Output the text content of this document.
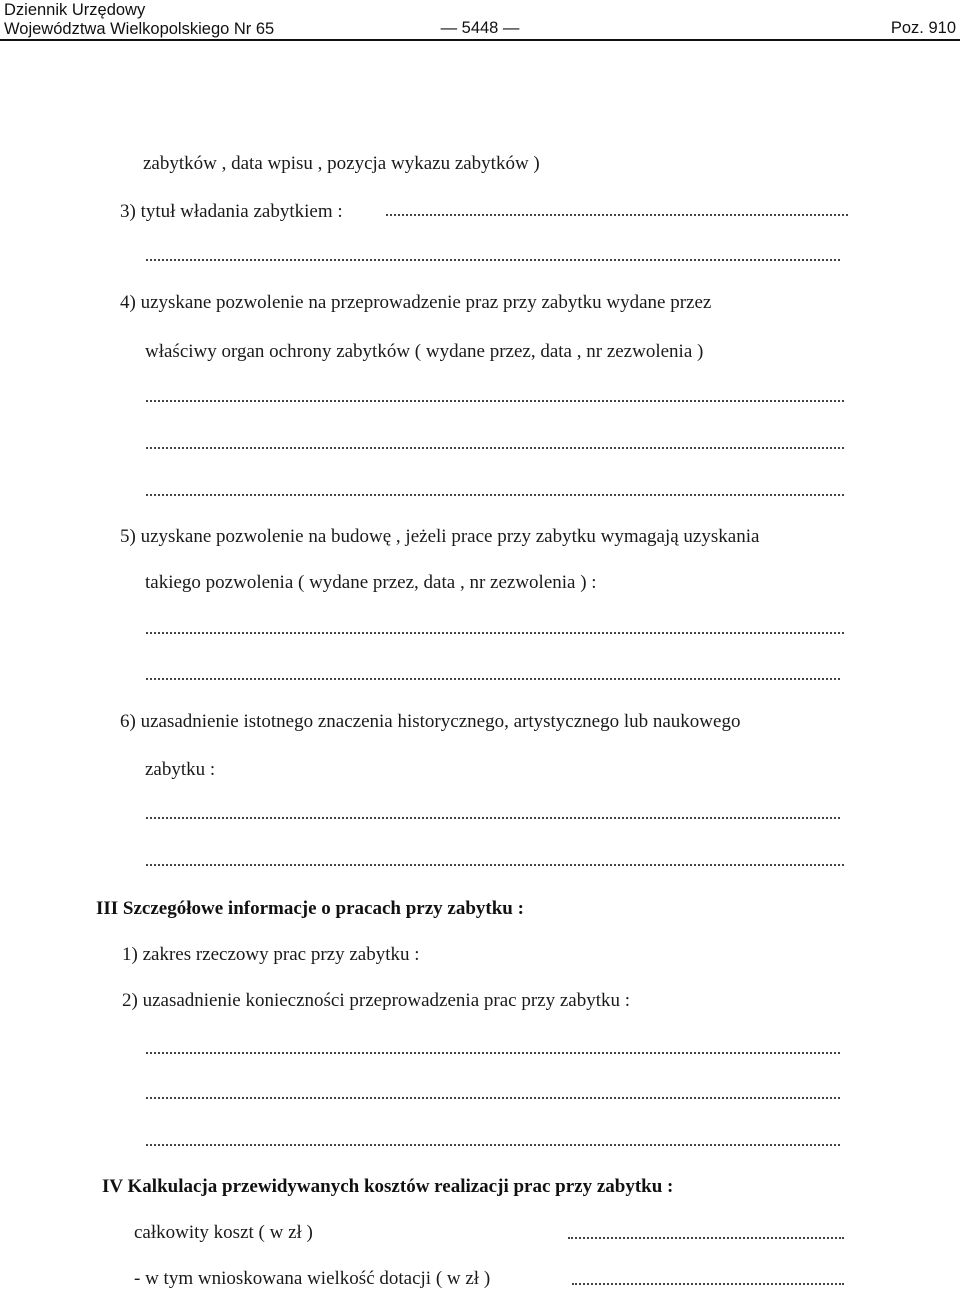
Dziennik Urzędowy
Województwa Wielkopolskiego Nr 65	— 5448 —	Poz. 910
zabytków , data wpisu , pozycja wykazu zabytków )
3) tytuł władania zabytkiem :
4) uzyskane pozwolenie na przeprowadzenie praz przy zabytku wydane przez
właściwy organ ochrony zabytków ( wydane przez, data , nr zezwolenia )
5) uzyskane pozwolenie na budowę , jeżeli prace przy zabytku wymagają uzyskania
takiego pozwolenia ( wydane przez, data , nr zezwolenia ) :
6) uzasadnienie istotnego znaczenia historycznego, artystycznego lub naukowego
zabytku :
III Szczegółowe informacje o pracach przy zabytku :
1) zakres rzeczowy prac przy zabytku :
2) uzasadnienie konieczności przeprowadzenia prac przy zabytku :
IV Kalkulacja przewidywanych kosztów realizacji prac przy zabytku :
całkowity koszt ( w zł )
- w tym wnioskowana wielkość dotacji ( w zł )
